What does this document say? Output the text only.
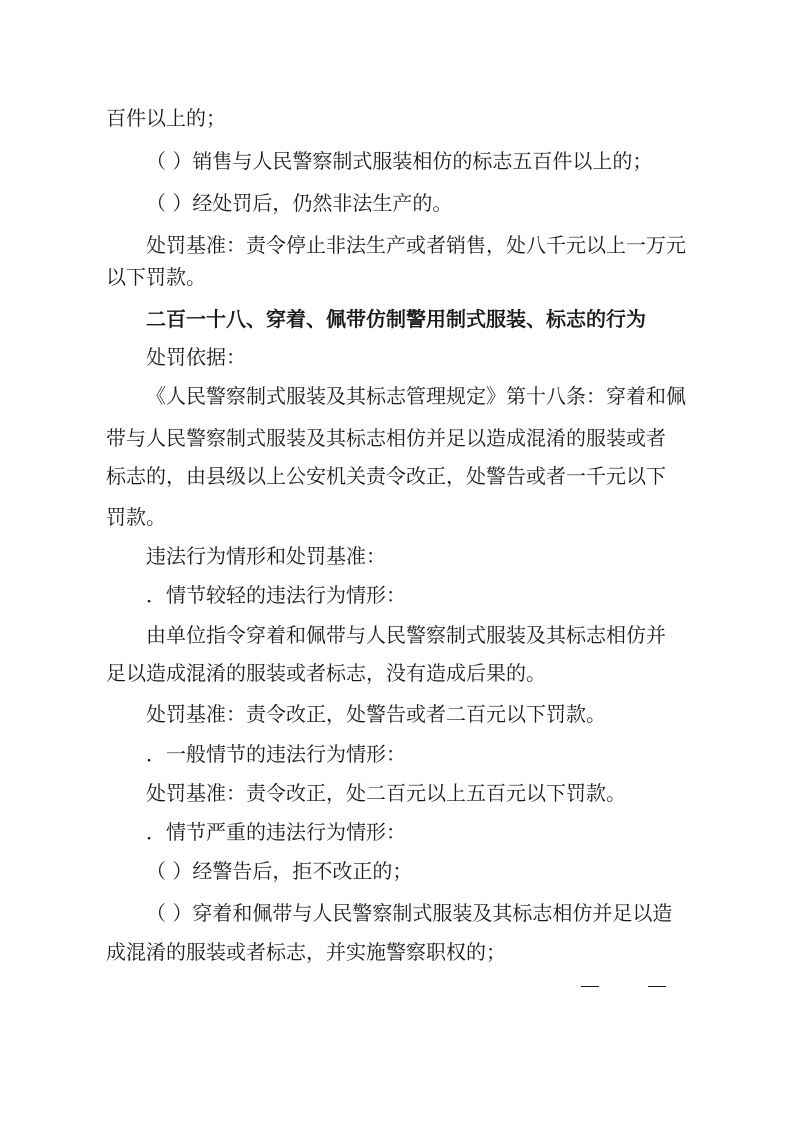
百件以上的；
（ ）销售与人民警察制式服装相仿的标志五百件以上的；
（ ）经处罚后，仍然非法生产的。
处罚基准：责令停止非法生产或者销售，处八千元以上一万元
以下罚款。
二百一十八、穿着、佩带仿制警用制式服装、标志的行为
处罚依据：
《人民警察制式服装及其标志管理规定》第十八条：穿着和佩
带与人民警察制式服装及其标志相仿并足以造成混淆的服装或者
标志的，由县级以上公安机关责令改正，处警告或者一千元以下
罚款。
违法行为情形和处罚基准：
．情节较轻的违法行为情形：
由单位指令穿着和佩带与人民警察制式服装及其标志相仿并
足以造成混淆的服装或者标志，没有造成后果的。
处罚基准：责令改正，处警告或者二百元以下罚款。
．一般情节的违法行为情形：
处罚基准：责令改正，处二百元以上五百元以下罚款。
．情节严重的违法行为情形：
（ ）经警告后，拒不改正的；
（ ）穿着和佩带与人民警察制式服装及其标志相仿并足以造
成混淆的服装或者标志，并实施警察职权的；
